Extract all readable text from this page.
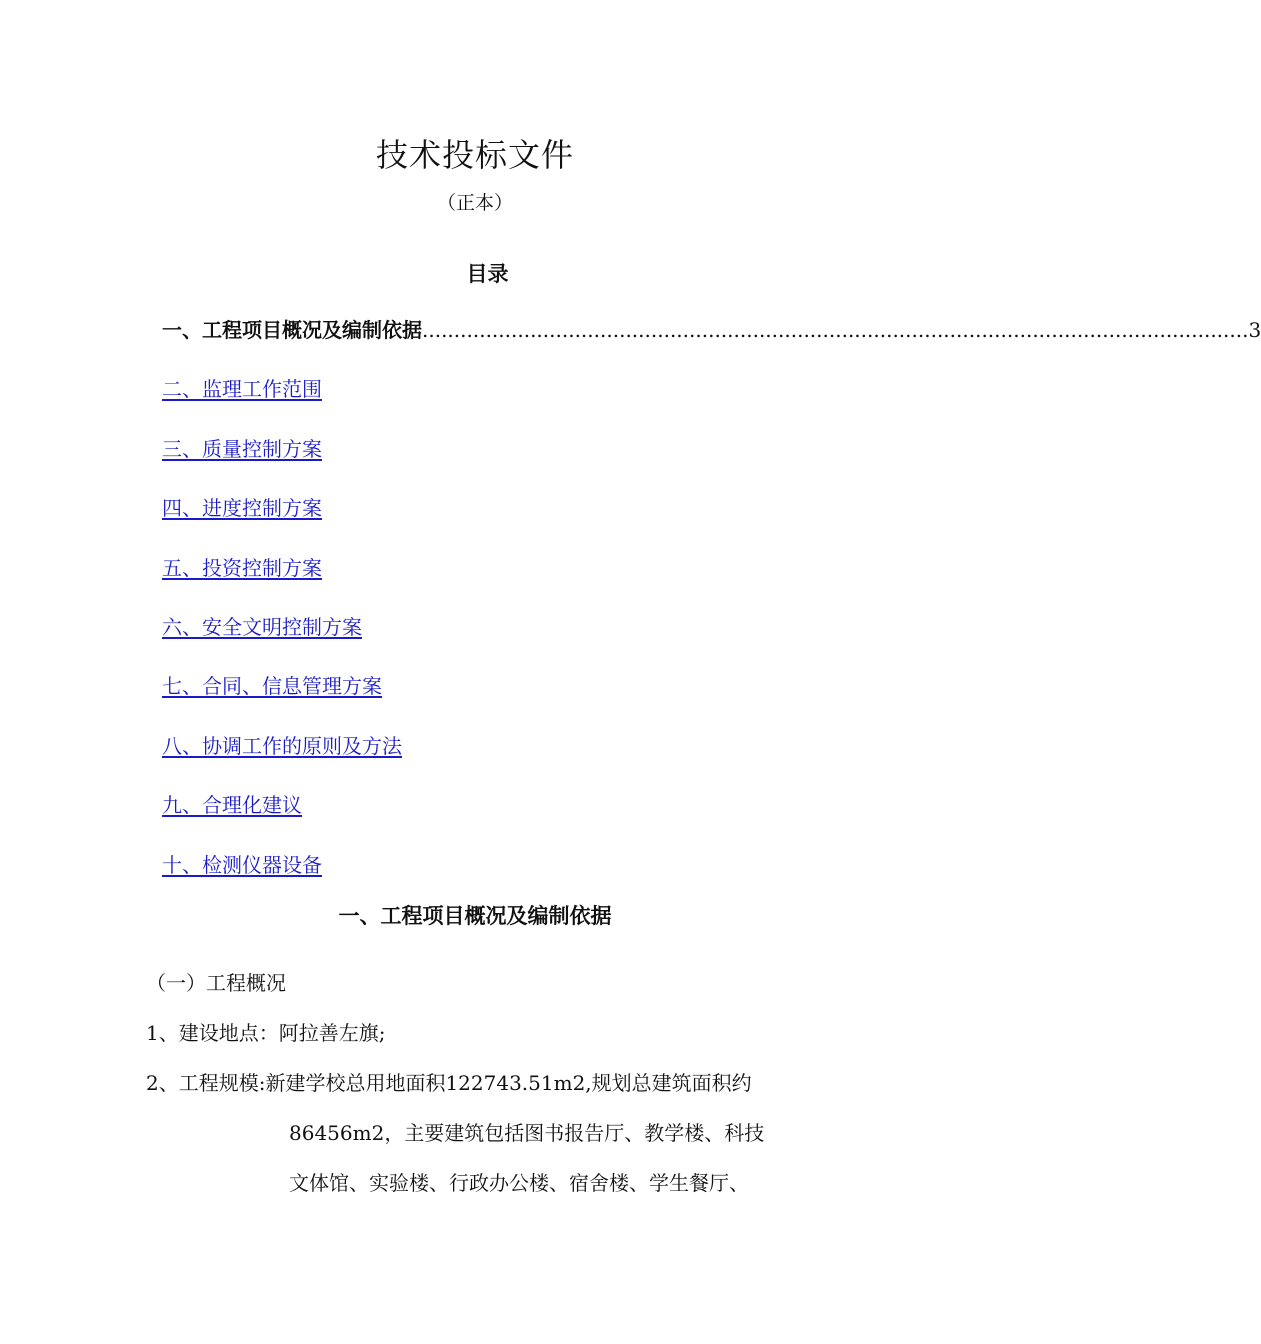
技术投标文件

（正本）

目录
一、工程项目概况及编制依据 .................................................................................................................................. 3
二、监理工作范围
三、质量控制方案
四、进度控制方案
五、投资控制方案
六、安全文明控制方案
七、合同、信息管理方案
八、协调工作的原则及方法
九、合理化建议
十、检测仪器设备
一、工程项目概况及编制依据

（一）工程概况

1、建设地点：阿拉善左旗;

2、工程规模:新建学校总用地面积122743.51m2,规划总建筑面积约

86456m2，主要建筑包括图书报告厅、教学楼、科技

文体馆、实验楼、行政办公楼、宿舍楼、学生餐厅、
